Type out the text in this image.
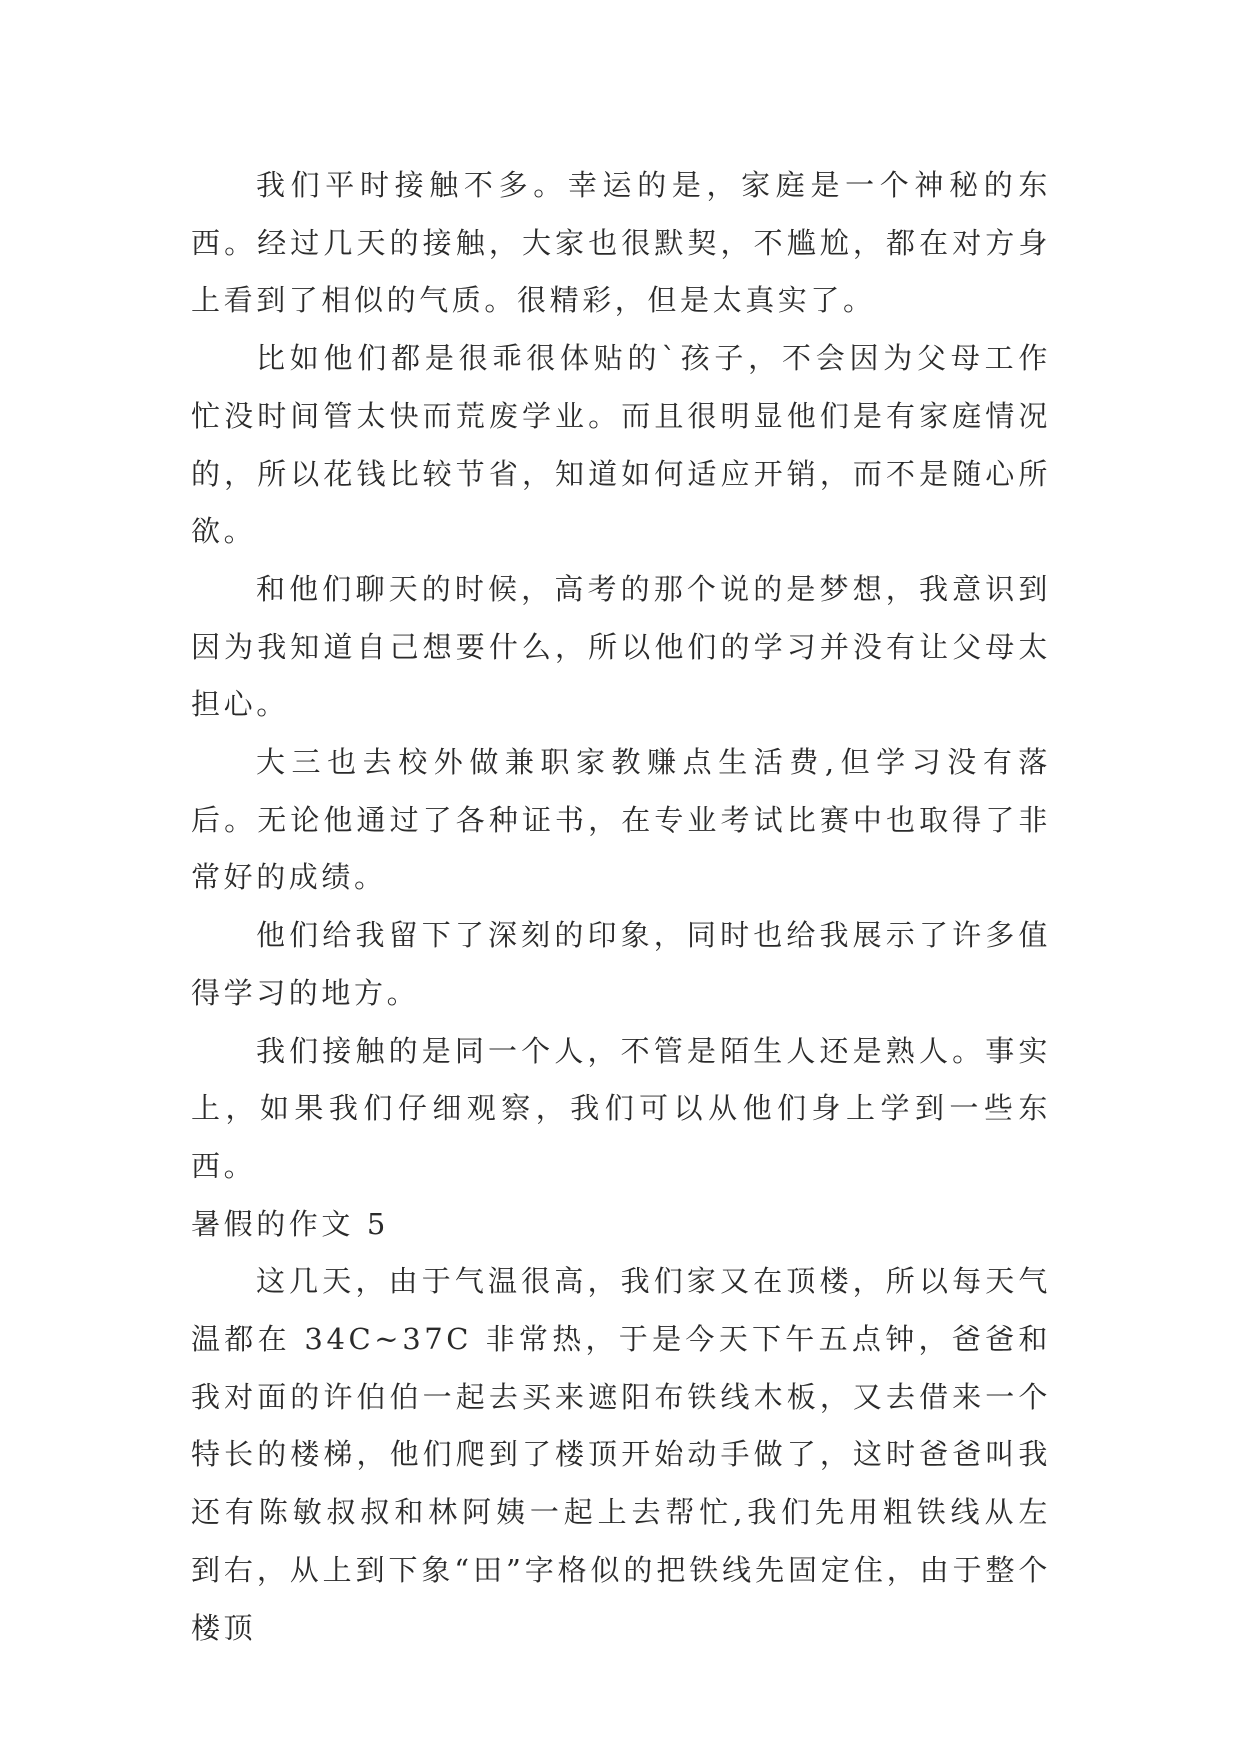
我们平时接触不多。幸运的是，家庭是一个神秘的东西。经过几天的接触，大家也很默契，不尴尬，都在对方身上看到了相似的气质。很精彩，但是太真实了。

比如他们都是很乖很体贴的`孩子，不会因为父母工作忙没时间管太快而荒废学业。而且很明显他们是有家庭情况的，所以花钱比较节省，知道如何适应开销，而不是随心所欲。

和他们聊天的时候，高考的那个说的是梦想，我意识到因为我知道自己想要什么，所以他们的学习并没有让父母太担心。

大三也去校外做兼职家教赚点生活费,但学习没有落后。无论他通过了各种证书，在专业考试比赛中也取得了非常好的成绩。

他们给我留下了深刻的印象，同时也给我展示了许多值得学习的地方。

我们接触的是同一个人，不管是陌生人还是熟人。事实上，如果我们仔细观察，我们可以从他们身上学到一些东西。

暑假的作文 5

这几天，由于气温很高，我们家又在顶楼，所以每天气温都在 34C~37C 非常热，于是今天下午五点钟，爸爸和我对面的许伯伯一起去买来遮阳布铁线木板，又去借来一个特长的楼梯，他们爬到了楼顶开始动手做了，这时爸爸叫我还有陈敏叔叔和林阿姨一起上去帮忙,我们先用粗铁线从左到右，从上到下象“田”字格似的把铁线先固定住，由于整个楼顶
